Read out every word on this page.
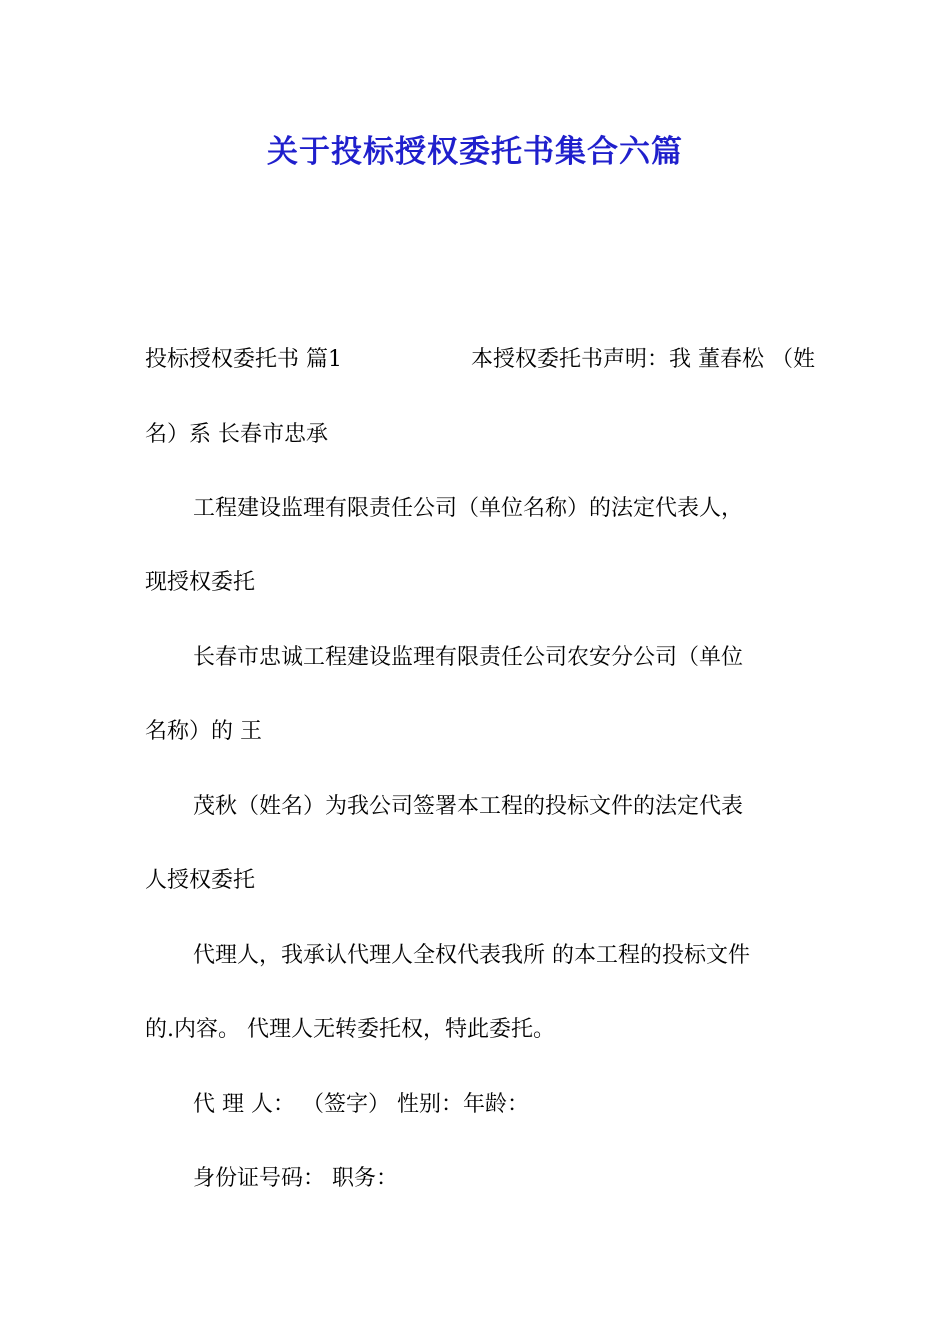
关于投标授权委托书集合六篇
投标授权委托书 篇1	本授权委托书声明：我 董春松 （姓
名）系 长春市忠承
工程建设监理有限责任公司（单位名称）的法定代表人，
现授权委托
长春市忠诚工程建设监理有限责任公司农安分公司（单位
名称）的 王
茂秋（姓名）为我公司签署本工程的投标文件的法定代表
人授权委托
代理人，我承认代理人全权代表我所 的本工程的投标文件
的.内容。 代理人无转委托权，特此委托。
代 理 人： （签字） 性别：年龄：
身份证号码： 职务：
